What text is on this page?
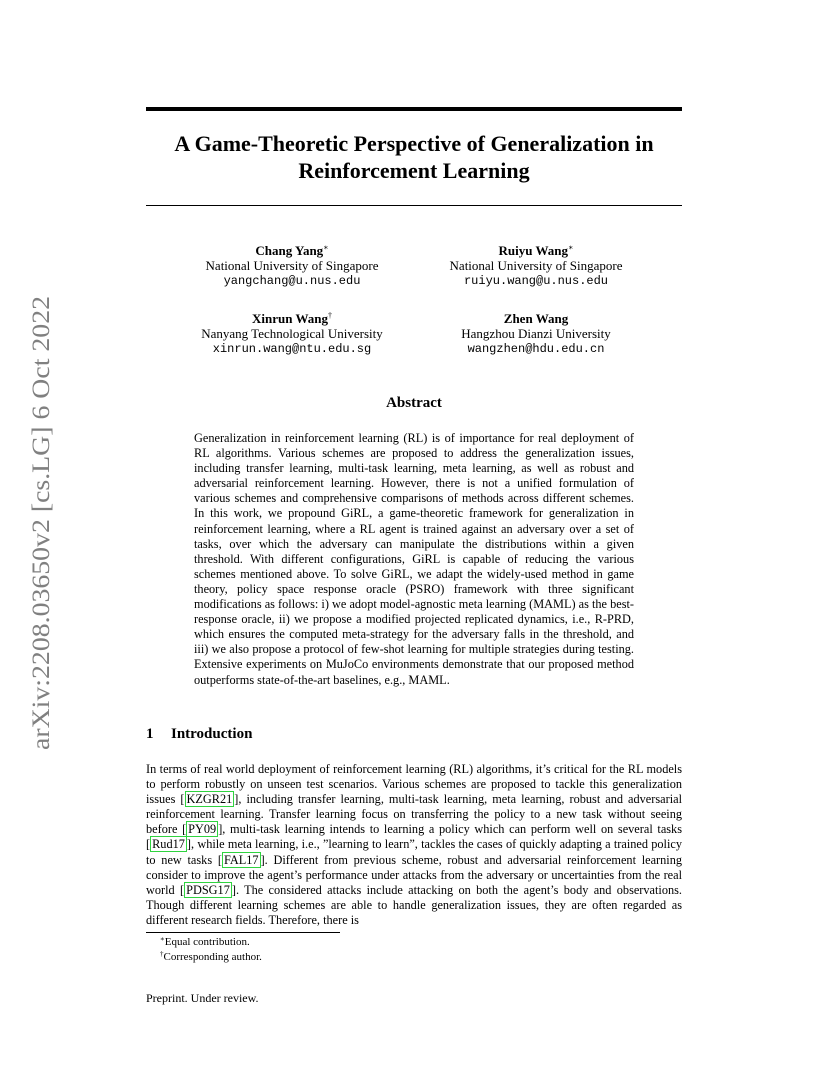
arXiv:2208.03650v2 [cs.LG] 6 Oct 2022
A Game-Theoretic Perspective of Generalization in
Reinforcement Learning
Chang Yang∗
National University of Singapore
yangchang@u.nus.edu
Ruiyu Wang∗
National University of Singapore
ruiyu.wang@u.nus.edu
Xinrun Wang†
Nanyang Technological University
xinrun.wang@ntu.edu.sg
Zhen Wang
Hangzhou Dianzi University
wangzhen@hdu.edu.cn
Abstract
Generalization in reinforcement learning (RL) is of importance for real deployment of RL algorithms. Various schemes are proposed to address the generalization issues, including transfer learning, multi-task learning, meta learning, as well as robust and adversarial reinforcement learning. However, there is not a unified formulation of various schemes and comprehensive comparisons of methods across different schemes. In this work, we propound GiRL, a game-theoretic framework for generalization in reinforcement learning, where a RL agent is trained against an adversary over a set of tasks, over which the adversary can manipulate the distributions within a given threshold. With different configurations, GiRL is capable of reducing the various schemes mentioned above. To solve GiRL, we adapt the widely-used method in game theory, policy space response oracle (PSRO) framework with three significant modifications as follows: i) we adopt model-agnostic meta learning (MAML) as the best-response oracle, ii) we propose a modified projected replicated dynamics, i.e., R-PRD, which ensures the computed meta-strategy for the adversary falls in the threshold, and iii) we also propose a protocol of few-shot learning for multiple strategies during testing. Extensive experiments on MuJoCo environments demonstrate that our proposed method outperforms state-of-the-art baselines, e.g., MAML.
1 Introduction
In terms of real world deployment of reinforcement learning (RL) algorithms, it’s critical for the RL models to perform robustly on unseen test scenarios. Various schemes are proposed to tackle this generalization issues [ KZGR21 ], including transfer learning, multi-task learning, meta learning, robust and adversarial reinforcement learning. Transfer learning focus on transferring the policy to a new task without seeing before [ PY09 ], multi-task learning intends to learning a policy which can perform well on several tasks [ Rud17 ], while meta learning, i.e., ”learning to learn”, tackles the cases of quickly adapting a trained policy to new tasks [ FAL17 ]. Different from previous scheme, robust and adversarial reinforcement learning consider to improve the agent’s performance under attacks from the adversary or uncertainties from the real world [ PDSG17 ]. The considered attacks include attacking on both the agent’s body and observations. Though different learning schemes are able to handle generalization issues, they are often regarded as different research fields. Therefore, there is
∗Equal contribution.
†Corresponding author.
Preprint. Under review.
